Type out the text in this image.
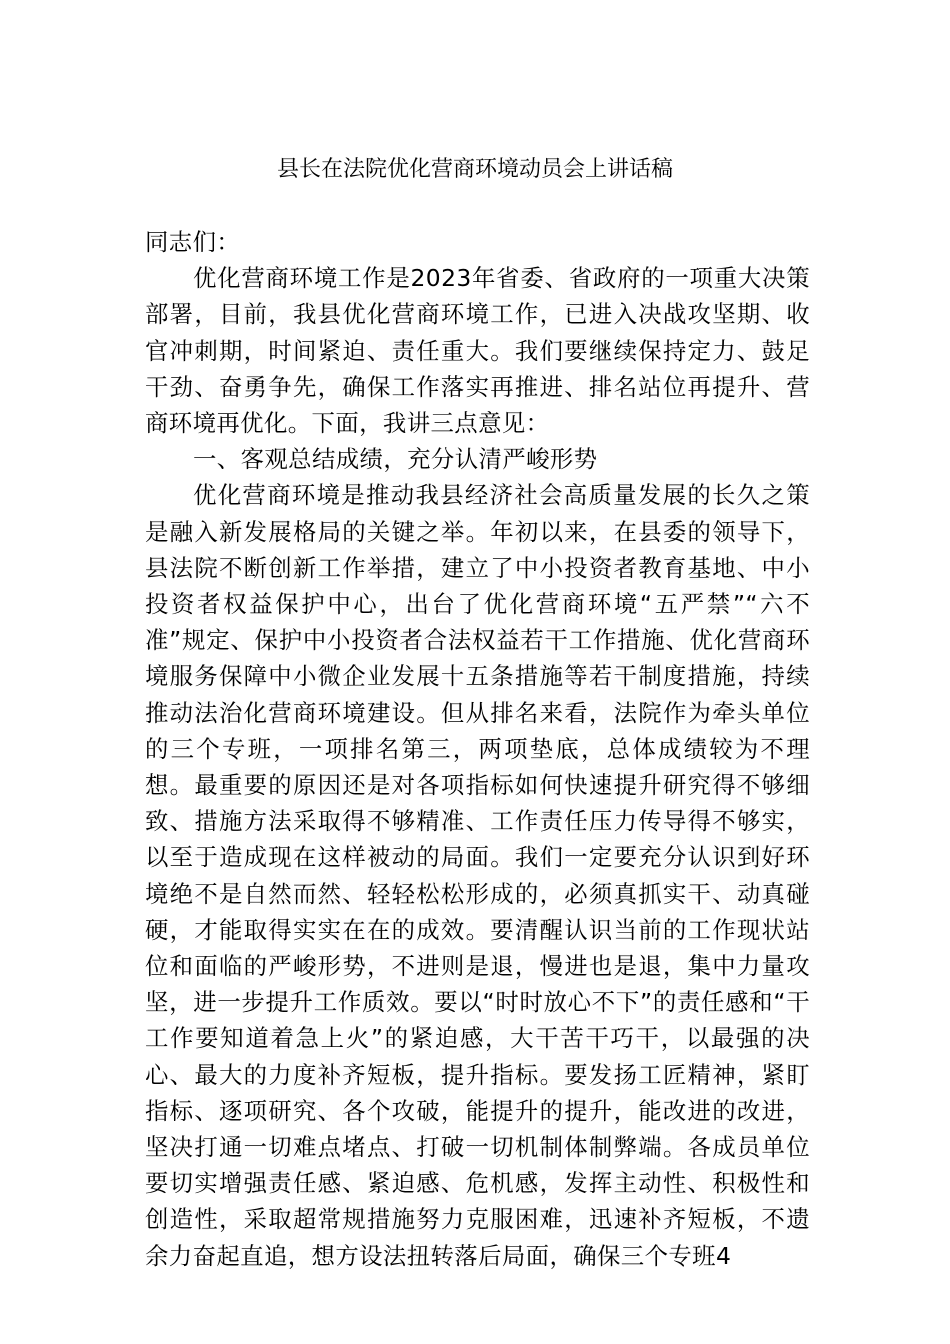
县长在法院优化营商环境动员会上讲话稿

同志们：

优化营商环境工作是2023年省委、省政府的一项重大决策部署，目前，我县优化营商环境工作，已进入决战攻坚期、收官冲刺期，时间紧迫、责任重大。我们要继续保持定力、鼓足干劲、奋勇争先，确保工作落实再推进、排名站位再提升、营商环境再优化。下面，我讲三点意见：

一、客观总结成绩，充分认清严峻形势

优化营商环境是推动我县经济社会高质量发展的长久之策是融入新发展格局的关键之举。年初以来，在县委的领导下，县法院不断创新工作举措，建立了中小投资者教育基地、中小投资者权益保护中心，出台了优化营商环境“五严禁”“六不准”规定、保护中小投资者合法权益若干工作措施、优化营商环境服务保障中小微企业发展十五条措施等若干制度措施，持续推动法治化营商环境建设。但从排名来看，法院作为牵头单位的三个专班，一项排名第三，两项垫底，总体成绩较为不理想。最重要的原因还是对各项指标如何快速提升研究得不够细致、措施方法采取得不够精准、工作责任压力传导得不够实，以至于造成现在这样被动的局面。我们一定要充分认识到好环境绝不是自然而然、轻轻松松形成的，必须真抓实干、动真碰硬，才能取得实实在在的成效。要清醒认识当前的工作现状站位和面临的严峻形势，不进则是退，慢进也是退，集中力量攻坚，进一步提升工作质效。要以“时时放心不下”的责任感和“干工作要知道着急上火”的紧迫感，大干苦干巧干，以最强的决心、最大的力度补齐短板，提升指标。要发扬工匠精神，紧盯指标、逐项研究、各个攻破，能提升的提升，能改进的改进，坚决打通一切难点堵点、打破一切机制体制弊端。各成员单位要切实增强责任感、紧迫感、危机感，发挥主动性、积极性和创造性，采取超常规措施努力克服困难，迅速补齐短板，不遗余力奋起直追，想方设法扭转落后局面，确保三个专班4
